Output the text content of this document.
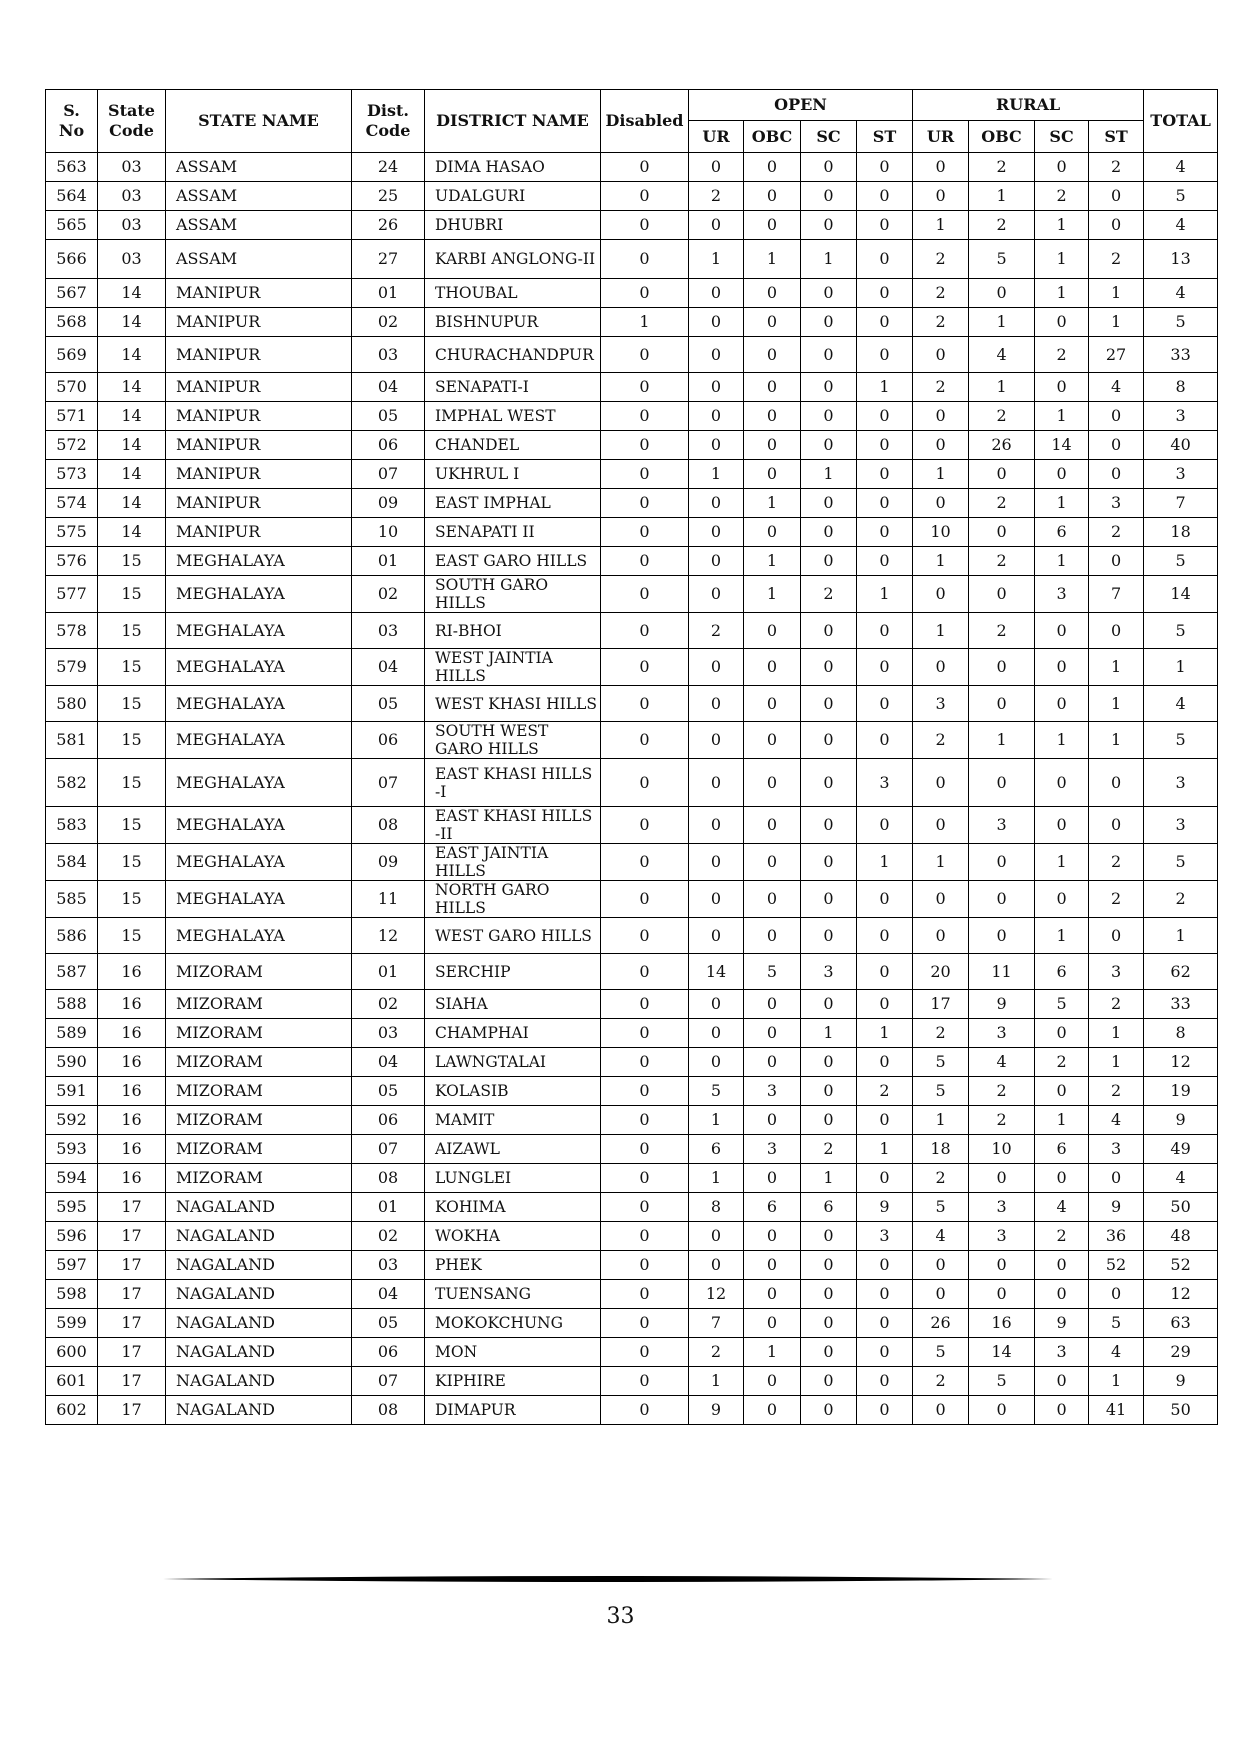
S. No	State Code	STATE NAME	Dist. Code	DISTRICT NAME	Disabled	OPEN				RURAL				TOTAL
						UR	OBC	SC	ST	UR	OBC	SC	ST	
563	03	ASSAM	24	DIMA HASAO	0	0	0	0	0	0	2	0	2	4
564	03	ASSAM	25	UDALGURI	0	2	0	0	0	0	1	2	0	5
565	03	ASSAM	26	DHUBRI	0	0	0	0	0	1	2	1	0	4
566	03	ASSAM	27	KARBI ANGLONG-II	0	1	1	1	0	2	5	1	2	13
567	14	MANIPUR	01	THOUBAL	0	0	0	0	0	2	0	1	1	4
568	14	MANIPUR	02	BISHNUPUR	1	0	0	0	0	2	1	0	1	5
569	14	MANIPUR	03	CHURACHANDPUR	0	0	0	0	0	0	4	2	27	33
570	14	MANIPUR	04	SENAPATI-I	0	0	0	0	1	2	1	0	4	8
571	14	MANIPUR	05	IMPHAL WEST	0	0	0	0	0	0	2	1	0	3
572	14	MANIPUR	06	CHANDEL	0	0	0	0	0	0	26	14	0	40
573	14	MANIPUR	07	UKHRUL I	0	1	0	1	0	1	0	0	0	3
574	14	MANIPUR	09	EAST IMPHAL	0	0	1	0	0	0	2	1	3	7
575	14	MANIPUR	10	SENAPATI II	0	0	0	0	0	10	0	6	2	18
576	15	MEGHALAYA	01	EAST GARO HILLS	0	0	1	0	0	1	2	1	0	5
577	15	MEGHALAYA	02	SOUTH GARO HILLS	0	0	1	2	1	0	0	3	7	14
578	15	MEGHALAYA	03	RI-BHOI	0	2	0	0	0	1	2	0	0	5
579	15	MEGHALAYA	04	WEST JAINTIA HILLS	0	0	0	0	0	0	0	0	1	1
580	15	MEGHALAYA	05	WEST KHASI HILLS	0	0	0	0	0	3	0	0	1	4
581	15	MEGHALAYA	06	SOUTH WEST GARO HILLS	0	0	0	0	0	2	1	1	1	5
582	15	MEGHALAYA	07	EAST KHASI HILLS -I	0	0	0	0	3	0	0	0	0	3
583	15	MEGHALAYA	08	EAST KHASI HILLS -II	0	0	0	0	0	0	3	0	0	3
584	15	MEGHALAYA	09	EAST JAINTIA HILLS	0	0	0	0	1	1	0	1	2	5
585	15	MEGHALAYA	11	NORTH GARO HILLS	0	0	0	0	0	0	0	0	2	2
586	15	MEGHALAYA	12	WEST GARO HILLS	0	0	0	0	0	0	0	1	0	1
587	16	MIZORAM	01	SERCHIP	0	14	5	3	0	20	11	6	3	62
588	16	MIZORAM	02	SIAHA	0	0	0	0	0	17	9	5	2	33
589	16	MIZORAM	03	CHAMPHAI	0	0	0	1	1	2	3	0	1	8
590	16	MIZORAM	04	LAWNGTALAI	0	0	0	0	0	5	4	2	1	12
591	16	MIZORAM	05	KOLASIB	0	5	3	0	2	5	2	0	2	19
592	16	MIZORAM	06	MAMIT	0	1	0	0	0	1	2	1	4	9
593	16	MIZORAM	07	AIZAWL	0	6	3	2	1	18	10	6	3	49
594	16	MIZORAM	08	LUNGLEI	0	1	0	1	0	2	0	0	0	4
595	17	NAGALAND	01	KOHIMA	0	8	6	6	9	5	3	4	9	50
596	17	NAGALAND	02	WOKHA	0	0	0	0	3	4	3	2	36	48
597	17	NAGALAND	03	PHEK	0	0	0	0	0	0	0	0	52	52
598	17	NAGALAND	04	TUENSANG	0	12	0	0	0	0	0	0	0	12
599	17	NAGALAND	05	MOKOKCHUNG	0	7	0	0	0	26	16	9	5	63
600	17	NAGALAND	06	MON	0	2	1	0	0	5	14	3	4	29
601	17	NAGALAND	07	KIPHIRE	0	1	0	0	0	2	5	0	1	9
602	17	NAGALAND	08	DIMAPUR	0	9	0	0	0	0	0	0	41	50
33
